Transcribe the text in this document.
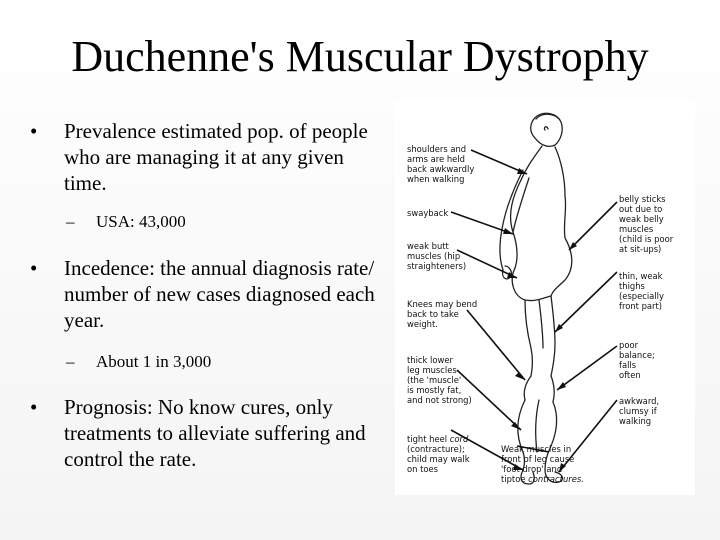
Duchenne's Muscular Dystrophy
• Prevalence estimated pop. of people who are managing it at any given time.
– USA: 43,000
• Incedence: the annual diagnosis rate/ number of new cases diagnosed each year.
– About 1 in 3,000
• Prognosis: No know cures, only treatments to alleviate suffering and control the rate.

shoulders and
arms are held
back awkwardly
when walking

swayback

weak butt
muscles (hip
straighteners)

Knees may bend
back to take
weight.

thick lower
leg muscles
(the 'muscle'
is mostly fat,
and not strong)

tight heel cord
(contracture);
child may walk
on toes

Weak muscles in
front of leg cause
'foot drop' and
tiptoe contractures.

belly sticks
out due to
weak belly
muscles
(child is poor
at sit-ups)

thin, weak
thighs
(especially
front part)

poor
balance;
falls
often

awkward,
clumsy if
walking
